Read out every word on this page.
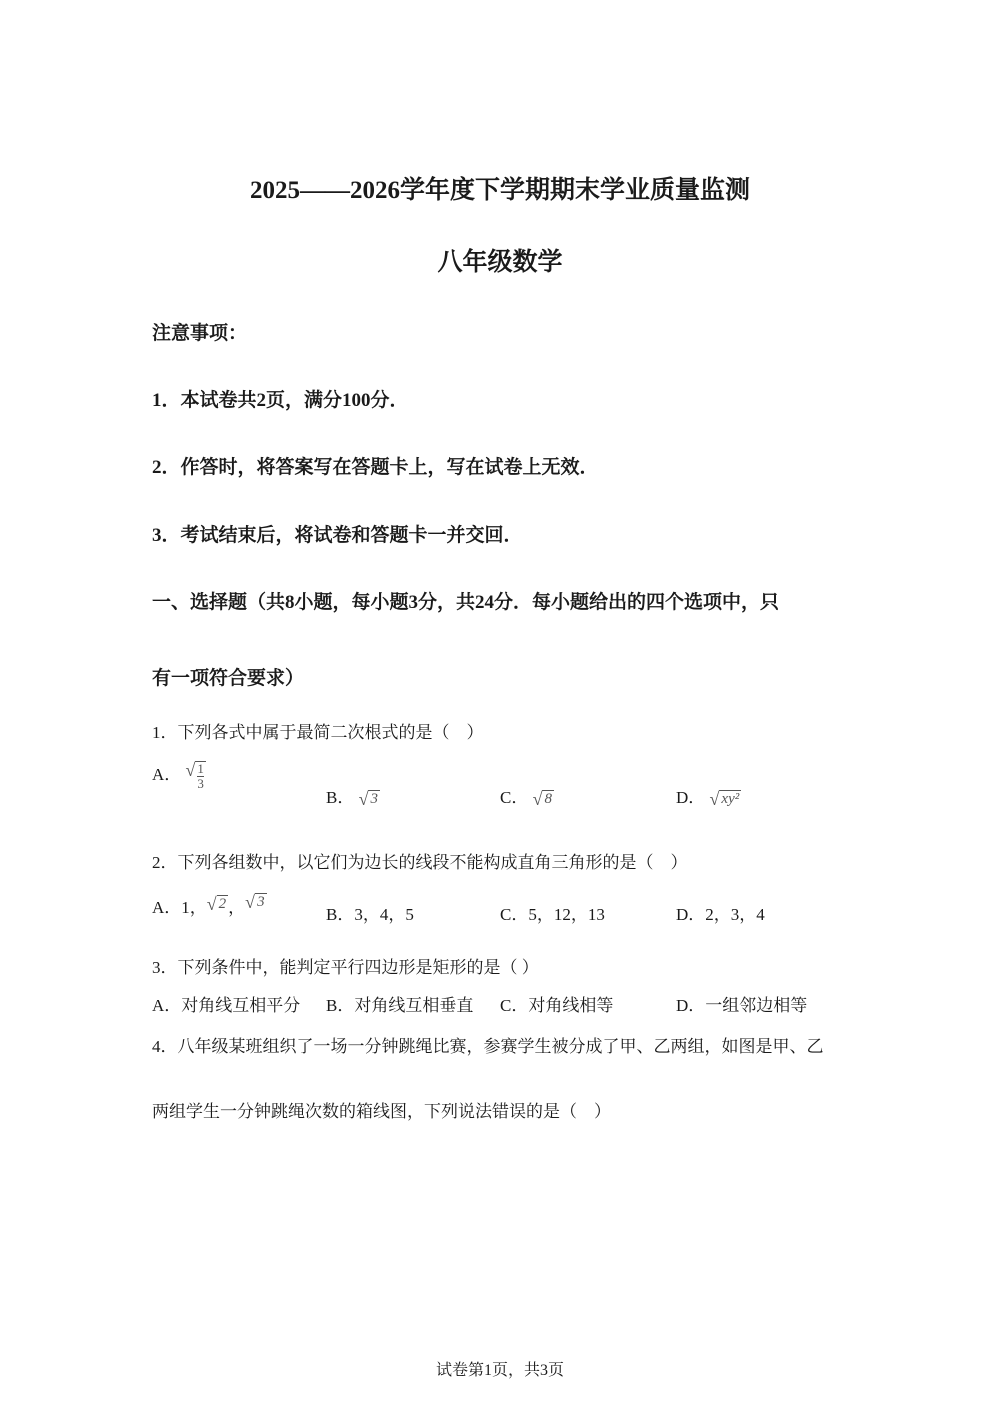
2025——2026学年度下学期期末学业质量监测
八年级数学
注意事项：
1．本试卷共2页，满分100分．
2．作答时，将答案写在答题卡上，写在试卷上无效．
3．考试结束后，将试卷和答题卡一并交回．
一、选择题（共8小题，每小题3分，共24分．每小题给出的四个选项中，只
有一项符合要求）
1．下列各式中属于最简二次根式的是（　）
A． √ $\frac{1}{3}$
B． √ 3	C． √ 8	D． √ xy²
2．下列各组数中，以它们为边长的线段不能构成直角三角形的是（　）
A．1， √ 2 ， √ 3
B．3，4，5	C．5，12，13	D．2，3，4
3．下列条件中，能判定平行四边形是矩形的是（ ）
A．对角线互相平分 B．对角线互相垂直 C．对角线相等	D．一组邻边相等
4．八年级某班组织了一场一分钟跳绳比赛，参赛学生被分成了甲、乙两组，如图是甲、乙
两组学生一分钟跳绳次数的箱线图，下列说法错误的是（　）
试卷第1页，共3页
